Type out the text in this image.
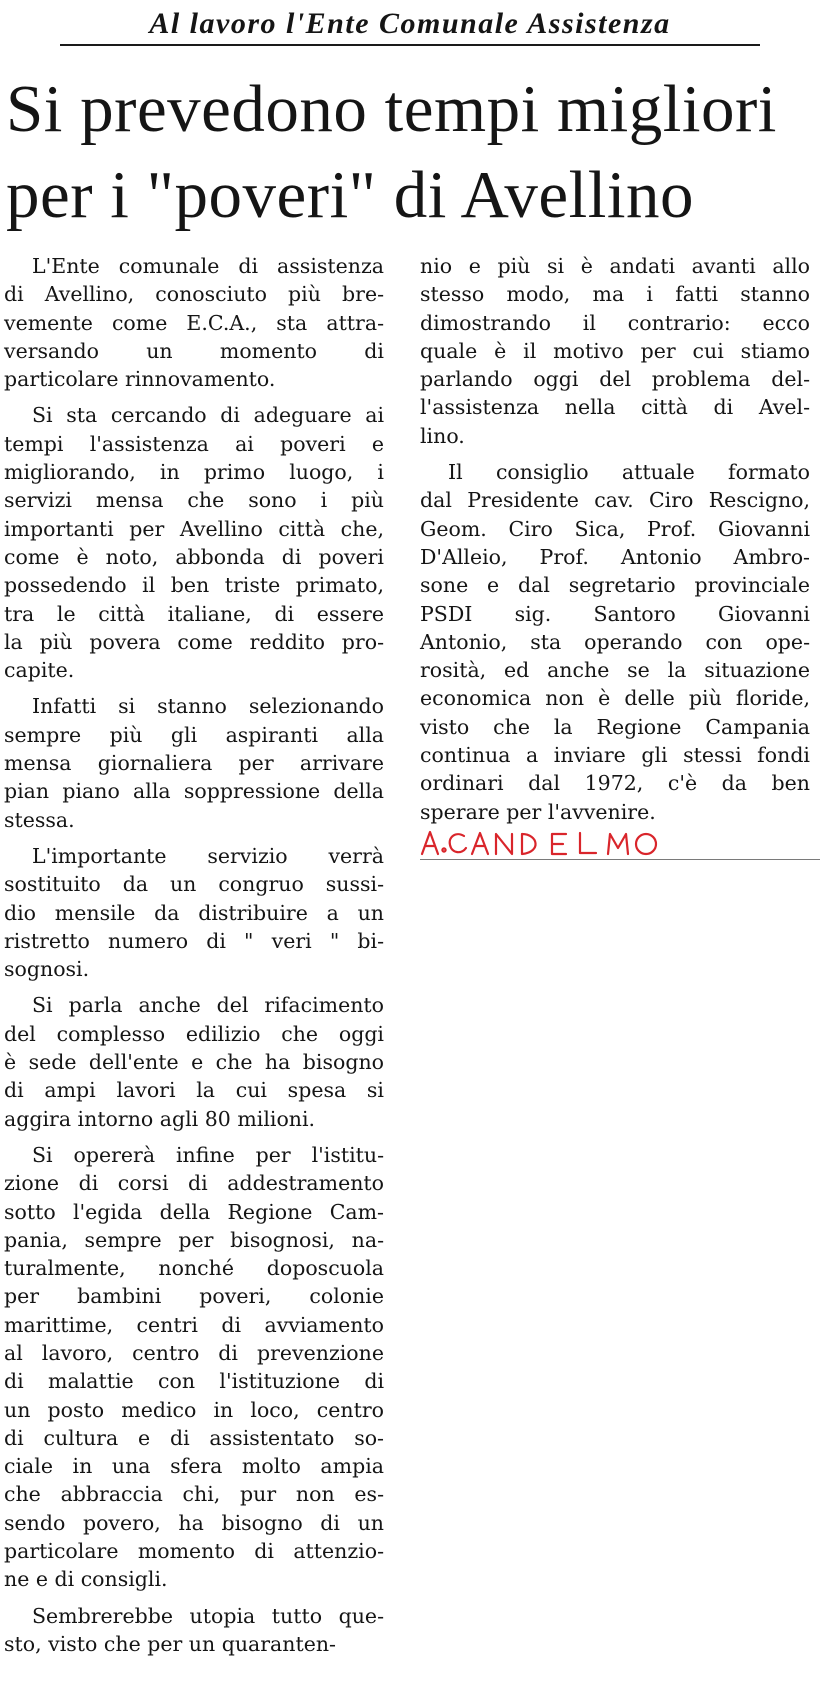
Al lavoro l'Ente Comunale Assistenza
Si prevedono tempi migliori
per i "poveri" di Avellino
L'Ente comunale di assistenza
di Avellino, conosciuto più bre-
vemente come E.C.A., sta attra-
versando un momento di
particolare rinnovamento.
Si sta cercando di adeguare ai
tempi l'assistenza ai poveri e
migliorando, in primo luogo, i
servizi mensa che sono i più
importanti per Avellino città che,
come è noto, abbonda di poveri
possedendo il ben triste primato,
tra le città italiane, di essere
la più povera come reddito pro-
capite.
Infatti si stanno selezionando
sempre più gli aspiranti alla
mensa giornaliera per arrivare
pian piano alla soppressione della
stessa.
L'importante servizio verrà
sostituito da un congruo sussi-
dio mensile da distribuire a un
ristretto numero di " veri " bi-
sognosi.
Si parla anche del rifacimento
del complesso edilizio che oggi
è sede dell'ente e che ha bisogno
di ampi lavori la cui spesa si
aggira intorno agli 80 milioni.
Si opererà infine per l'istitu-
zione di corsi di addestramento
sotto l'egida della Regione Cam-
pania, sempre per bisognosi, na-
turalmente, nonché doposcuola
per bambini poveri, colonie
marittime, centri di avviamento
al lavoro, centro di prevenzione
di malattie con l'istituzione di
un posto medico in loco, centro
di cultura e di assistentato so-
ciale in una sfera molto ampia
che abbraccia chi, pur non es-
sendo povero, ha bisogno di un
particolare momento di attenzio-
ne e di consigli.
Sembrerebbe utopia tutto que-
sto, visto che per un quaranten-
nio e più si è andati avanti allo
stesso modo, ma i fatti stanno
dimostrando il contrario: ecco
quale è il motivo per cui stiamo
parlando oggi del problema del-
l'assistenza nella città di Avel-
lino.
Il consiglio attuale formato
dal Presidente cav. Ciro Rescigno,
Geom. Ciro Sica, Prof. Giovanni
D'Alleio, Prof. Antonio Ambro-
sone e dal segretario provinciale
PSDI sig. Santoro Giovanni
Antonio, sta operando con ope-
rosità, ed anche se la situazione
economica non è delle più floride,
visto che la Regione Campania
continua a inviare gli stessi fondi
ordinari dal 1972, c'è da ben
sperare per l'avvenire.
